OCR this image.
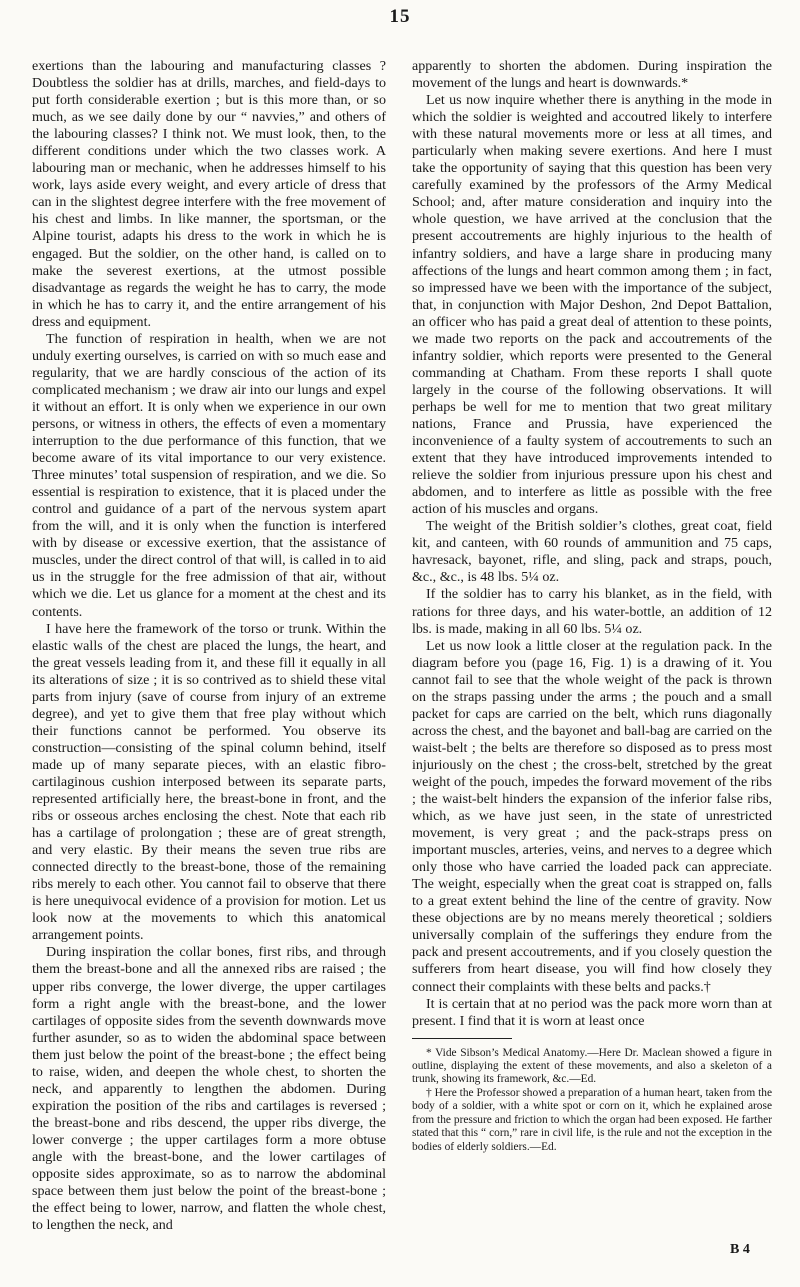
15

exertions than the labouring and manufacturing classes ? Doubtless the soldier has at drills, marches, and field-days to put forth considerable exertion ; but is this more than, or so much, as we see daily done by our “ navvies,” and others of the labouring classes? I think not. We must look, then, to the different conditions under which the two classes work. A labouring man or mechanic, when he addresses himself to his work, lays aside every weight, and every article of dress that can in the slightest degree interfere with the free movement of his chest and limbs. In like manner, the sportsman, or the Alpine tourist, adapts his dress to the work in which he is engaged. But the soldier, on the other hand, is called on to make the severest exertions, at the utmost possible disadvantage as regards the weight he has to carry, the mode in which he has to carry it, and the entire arrangement of his dress and equipment.

The function of respiration in health, when we are not unduly exerting ourselves, is carried on with so much ease and regularity, that we are hardly conscious of the action of its complicated mechanism ; we draw air into our lungs and expel it without an effort. It is only when we experience in our own persons, or witness in others, the effects of even a momentary interruption to the due performance of this function, that we become aware of its vital importance to our very existence. Three minutes’ total suspension of respiration, and we die. So essential is respiration to existence, that it is placed under the control and guidance of a part of the nervous system apart from the will, and it is only when the function is interfered with by disease or excessive exertion, that the assistance of muscles, under the direct control of that will, is called in to aid us in the struggle for the free admission of that air, without which we die. Let us glance for a moment at the chest and its contents.

I have here the framework of the torso or trunk. Within the elastic walls of the chest are placed the lungs, the heart, and the great vessels leading from it, and these fill it equally in all its alterations of size ; it is so contrived as to shield these vital parts from injury (save of course from injury of an extreme degree), and yet to give them that free play without which their functions cannot be performed. You observe its construction—consisting of the spinal column behind, itself made up of many separate pieces, with an elastic fibro-cartilaginous cushion interposed between its separate parts, represented artificially here, the breast-bone in front, and the ribs or osseous arches enclosing the chest. Note that each rib has a cartilage of prolongation ; these are of great strength, and very elastic. By their means the seven true ribs are connected directly to the breast-bone, those of the remaining ribs merely to each other. You cannot fail to observe that there is here unequivocal evidence of a provision for motion. Let us look now at the movements to which this anatomical arrangement points.

During inspiration the collar bones, first ribs, and through them the breast-bone and all the annexed ribs are raised ; the upper ribs converge, the lower diverge, the upper cartilages form a right angle with the breast-bone, and the lower cartilages of opposite sides from the seventh downwards move further asunder, so as to widen the abdominal space between them just below the point of the breast-bone ; the effect being to raise, widen, and deepen the whole chest, to shorten the neck, and apparently to lengthen the abdomen. During expiration the position of the ribs and cartilages is reversed ; the breast-bone and ribs descend, the upper ribs diverge, the lower converge ; the upper cartilages form a more obtuse angle with the breast-bone, and the lower cartilages of opposite sides approximate, so as to narrow the abdominal space between them just below the point of the breast-bone ; the effect being to lower, narrow, and flatten the whole chest, to lengthen the neck, and

apparently to shorten the abdomen. During inspiration the movement of the lungs and heart is downwards.*

Let us now inquire whether there is anything in the mode in which the soldier is weighted and accoutred likely to interfere with these natural movements more or less at all times, and particularly when making severe exertions. And here I must take the opportunity of saying that this question has been very carefully examined by the professors of the Army Medical School; and, after mature consideration and inquiry into the whole question, we have arrived at the conclusion that the present accoutrements are highly injurious to the health of infantry soldiers, and have a large share in producing many affections of the lungs and heart common among them ; in fact, so impressed have we been with the importance of the subject, that, in conjunction with Major Deshon, 2nd Depot Battalion, an officer who has paid a great deal of attention to these points, we made two reports on the pack and accoutrements of the infantry soldier, which reports were presented to the General commanding at Chatham. From these reports I shall quote largely in the course of the following observations. It will perhaps be well for me to mention that two great military nations, France and Prussia, have experienced the inconvenience of a faulty system of accoutrements to such an extent that they have introduced improvements intended to relieve the soldier from injurious pressure upon his chest and abdomen, and to interfere as little as possible with the free action of his muscles and organs.

The weight of the British soldier’s clothes, great coat, field kit, and canteen, with 60 rounds of ammunition and 75 caps, havresack, bayonet, rifle, and sling, pack and straps, pouch, &c., &c., is 48 lbs. 5¼ oz.

If the soldier has to carry his blanket, as in the field, with rations for three days, and his water-bottle, an addition of 12 lbs. is made, making in all 60 lbs. 5¼ oz.

Let us now look a little closer at the regulation pack. In the diagram before you (page 16, Fig. 1) is a drawing of it. You cannot fail to see that the whole weight of the pack is thrown on the straps passing under the arms ; the pouch and a small packet for caps are carried on the belt, which runs diagonally across the chest, and the bayonet and ball-bag are carried on the waist-belt ; the belts are therefore so disposed as to press most injuriously on the chest ; the cross-belt, stretched by the great weight of the pouch, impedes the forward movement of the ribs ; the waist-belt hinders the expansion of the inferior false ribs, which, as we have just seen, in the state of unrestricted movement, is very great ; and the pack-straps press on important muscles, arteries, veins, and nerves to a degree which only those who have carried the loaded pack can appreciate. The weight, especially when the great coat is strapped on, falls to a great extent behind the line of the centre of gravity. Now these objections are by no means merely theoretical ; soldiers universally complain of the sufferings they endure from the pack and present accoutrements, and if you closely question the sufferers from heart disease, you will find how closely they connect their complaints with these belts and packs.†

It is certain that at no period was the pack more worn than at present. I find that it is worn at least once

* Vide Sibson’s Medical Anatomy.—Here Dr. Maclean showed a figure in outline, displaying the extent of these movements, and also a skeleton of a trunk, showing its framework, &c.—Ed.

† Here the Professor showed a preparation of a human heart, taken from the body of a soldier, with a white spot or corn on it, which he explained arose from the pressure and friction to which the organ had been exposed. He farther stated that this “ corn,” rare in civil life, is the rule and not the exception in the bodies of elderly soldiers.—Ed.

B 4
